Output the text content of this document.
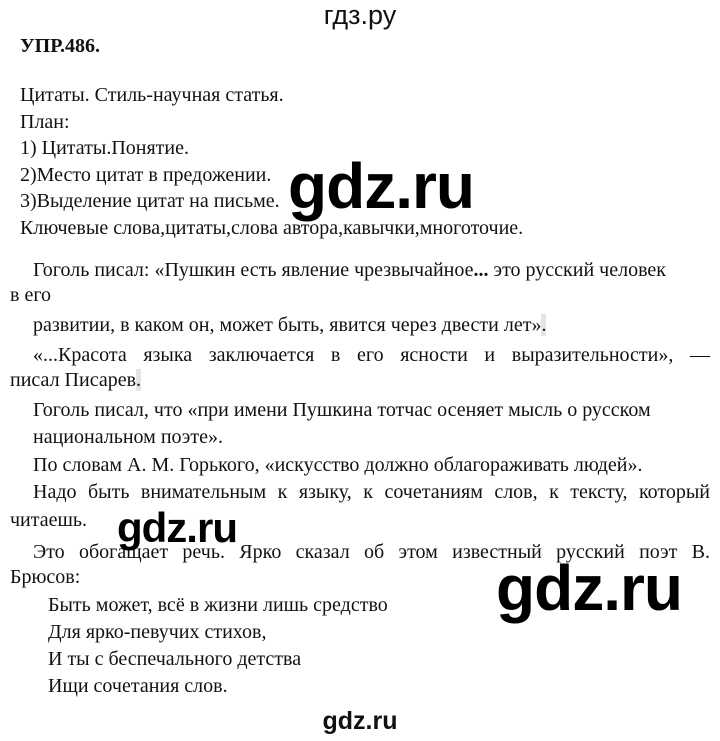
гдз.ру
УПР.486.
Цитаты. Стиль-научная статья.
План:
1) Цитаты.Понятие.
2)Место цитат в предожении.
3)Выделение цитат на письме.
Ключевые слова,цитаты,слова автора,кавычки,многоточие.
Гоголь писал: «Пушкин есть явление чрезвычайное... это русский человек
в его
развитии, в каком он, может быть, явится через двести лет».
«...Красота языка заключается в его ясности и выразительности», —
писал Писарев.
Гоголь писал, что «при имени Пушкина тотчас осеняет мысль о русском
национальном поэте».
По словам А. М. Горького, «искусство должно облагораживать людей».
Надо быть внимательным к языку, к сочетаниям слов, к тексту, который
читаешь.
Это обогащает речь. Ярко сказал об этом известный русский поэт В.
Брюсов:
Быть может, всё в жизни лишь средство
Для ярко-певучих стихов,
И ты с беспечального детства
Ищи сочетания слов.
gdz.ru
gdz.ru
gdz.ru
gdz.ru
